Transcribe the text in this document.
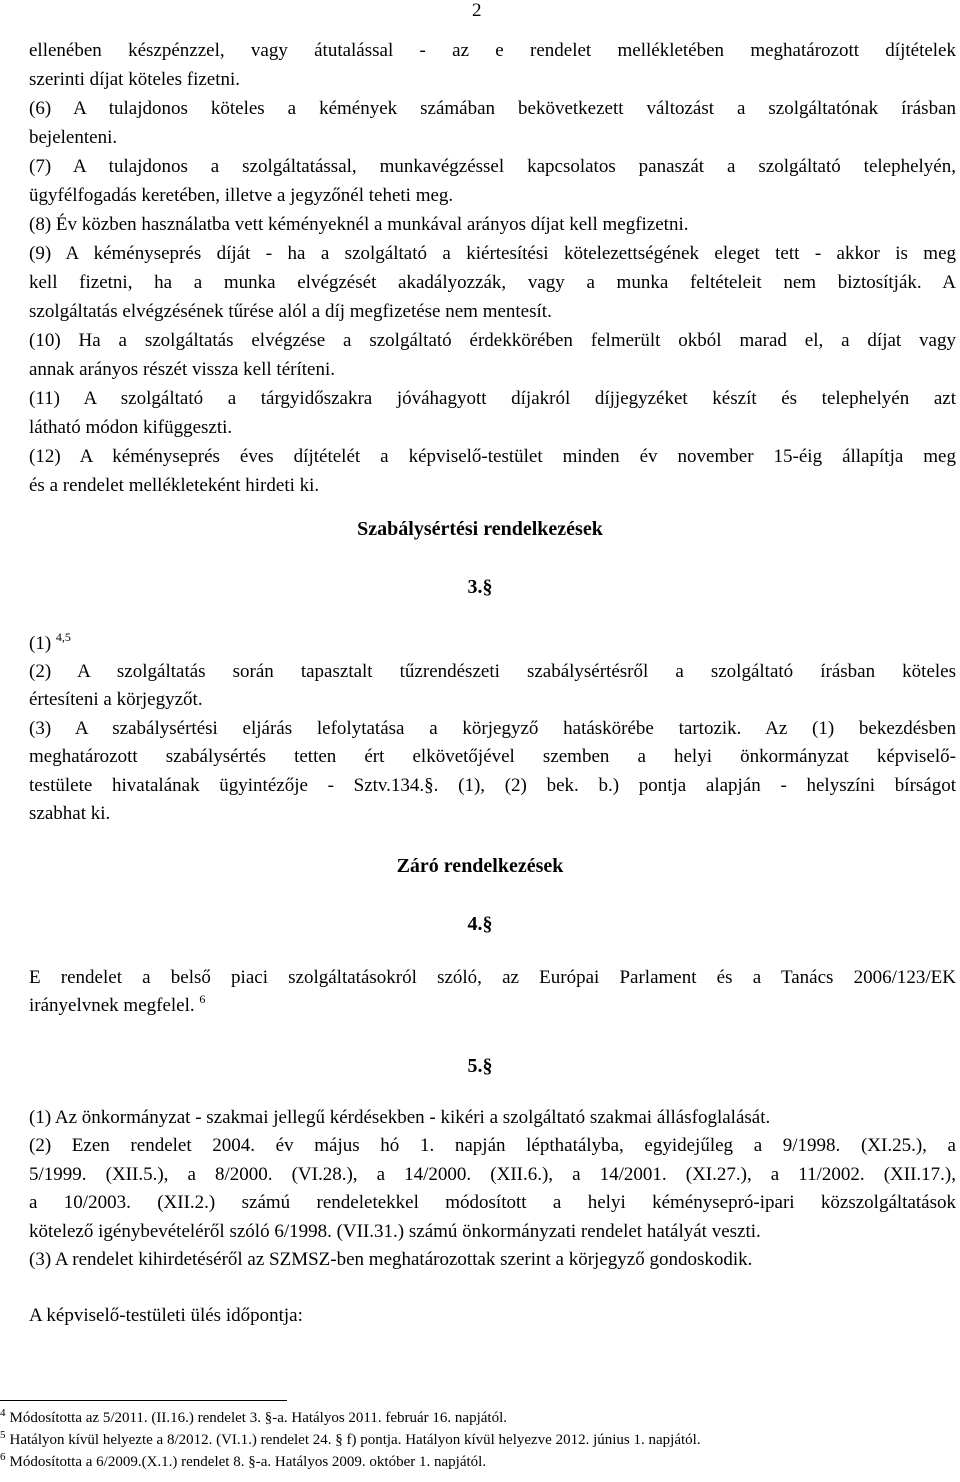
2
ellenében készpénzzel, vagy átutalással - az e rendelet mellékletében meghatározott díjtételek
szerinti díjat köteles fizetni.
(6) A tulajdonos köteles a kémények számában bekövetkezett változást a szolgáltatónak írásban
bejelenteni.
(7) A tulajdonos a szolgáltatással, munkavégzéssel kapcsolatos panaszát a szolgáltató telephelyén,
ügyfélfogadás keretében, illetve a jegyzőnél teheti meg.
(8) Év közben használatba vett kéményeknél a munkával arányos díjat kell megfizetni.
(9) A kéményseprés díját - ha a szolgáltató a kiértesítési kötelezettségének eleget tett - akkor is meg
kell fizetni, ha a munka elvégzését akadályozzák, vagy a munka feltételeit nem biztosítják. A
szolgáltatás elvégzésének tűrése alól a díj megfizetése nem mentesít.
(10) Ha a szolgáltatás elvégzése a szolgáltató érdekkörében felmerült okból marad el, a díjat vagy
annak arányos részét vissza kell téríteni.
(11) A szolgáltató a tárgyidőszakra jóváhagyott díjakról díjjegyzéket készít és telephelyén azt
látható módon kifüggeszti.
(12) A kéményseprés éves díjtételét a képviselő-testület minden év november 15-éig állapítja meg
és a rendelet mellékleteként hirdeti ki.
Szabálysértési rendelkezések
3.§
(1) $^{4,5}$
(2) A szolgáltatás során tapasztalt tűzrendészeti szabálysértésről a szolgáltató írásban köteles
értesíteni a körjegyzőt.
(3) A szabálysértési eljárás lefolytatása a körjegyző hatáskörébe tartozik. Az (1) bekezdésben
meghatározott szabálysértés tetten ért elkövetőjével szemben a helyi önkormányzat képviselő-
testülete hivatalának ügyintézője - Sztv.134.§. (1), (2) bek. b.) pontja alapján - helyszíni bírságot
szabhat ki.
Záró rendelkezések
4.§
E rendelet a belső piaci szolgáltatásokról szóló, az Európai Parlament és a Tanács 2006/123/EK
irányelvnek megfelel. $^6$
5.§
(1) Az önkormányzat - szakmai jellegű kérdésekben - kikéri a szolgáltató szakmai állásfoglalását.
(2) Ezen rendelet 2004. év május hó 1. napján lépthatályba, egyidejűleg a 9/1998. (XI.25.), a
5/1999. (XII.5.), a 8/2000. (VI.28.), a 14/2000. (XII.6.), a 14/2001. (XI.27.), a 11/2002. (XII.17.),
a 10/2003. (XII.2.) számú rendeletekkel módosított a helyi kéménysepró-ipari közszolgáltatások
kötelező igénybevételéről szóló 6/1998. (VII.31.) számú önkormányzati rendelet hatályát veszti.
(3) A rendelet kihirdetéséről az SZMSZ-ben meghatározottak szerint a körjegyző gondoskodik.
A képviselő-testületi ülés időpontja:
$^4$ Módosította az 5/2011. (II.16.) rendelet 3. §-a. Hatályos 2011. február 16. napjától.
$^5$ Hatályon kívül helyezte a 8/2012. (VI.1.) rendelet 24. § f) pontja. Hatályon kívül helyezve 2012. június 1. napjától.
$^6$ Módosította a 6/2009.(X.1.) rendelet 8. §-a. Hatályos 2009. október 1. napjától.
